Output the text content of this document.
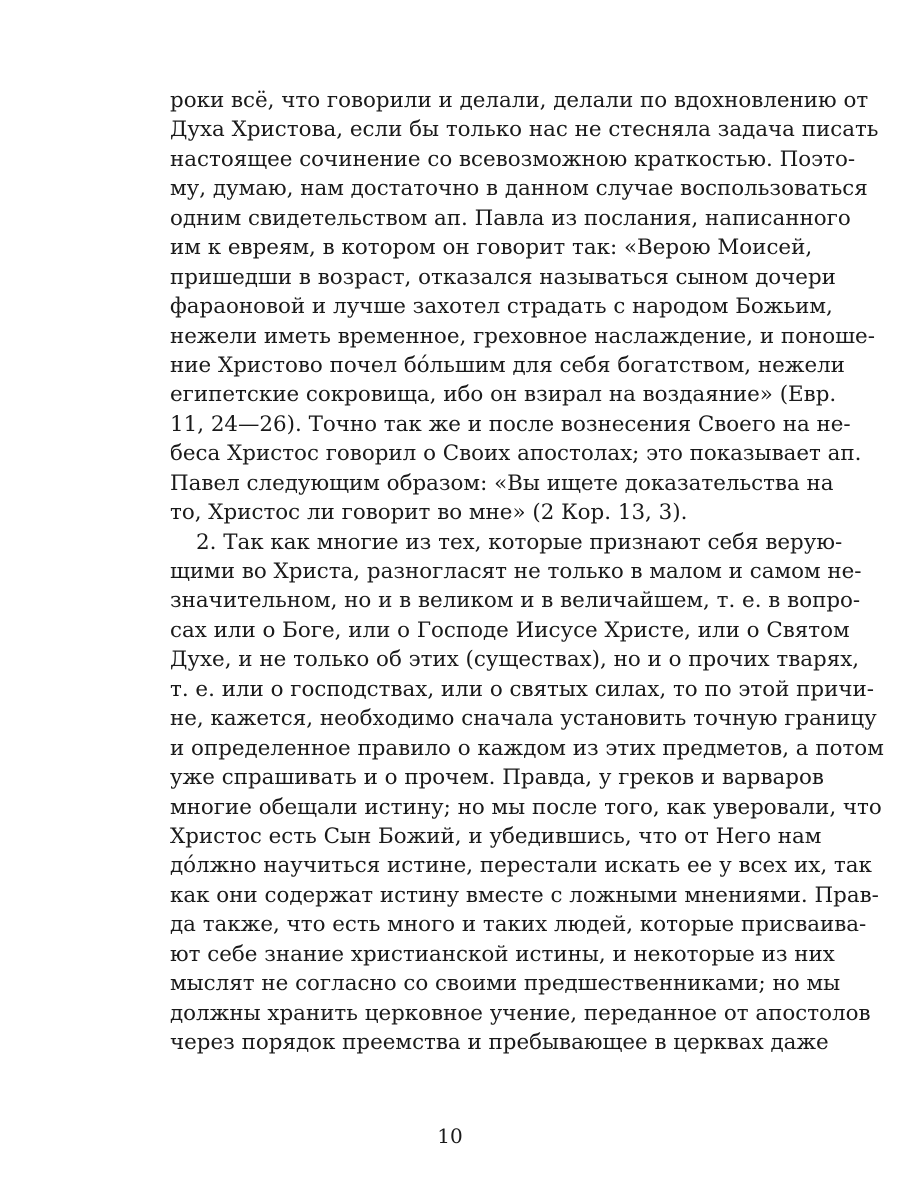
роки всё, что говорили и делали, делали по вдохновлению от
Духа Христова, если бы только нас не стесняла задача писать
настоящее сочинение со всевозможною краткостью. Поэто-
му, думаю, нам достаточно в данном случае воспользоваться
одним свидетельством ап. Павла из послания, написанного
им к евреям, в котором он говорит так: «Верою Моисей,
пришедши в возраст, отказался называться сыном дочери
фараоновой и лучше захотел страдать с народом Божьим,
нежели иметь временное, греховное наслаждение, и поноше-
ние Христово почел бо́льшим для себя богатством, нежели
египетские сокровища, ибо он взирал на воздаяние» (Евр.
11, 24—26). Точно так же и после вознесения Своего на не-
беса Христос говорил о Своих апостолах; это показывает ап.
Павел следующим образом: «Вы ищете доказательства на
то, Христос ли говорит во мне» (2 Кор. 13, 3).
2. Так как многие из тех, которые признают себя верую-
щими во Христа, разногласят не только в малом и самом не-
значительном, но и в великом и в величайшем, т. е. в вопро-
сах или о Боге, или о Господе Иисусе Христе, или о Святом
Духе, и не только об этих (существах), но и о прочих тварях,
т. е. или о господствах, или о святых силах, то по этой причи-
не, кажется, необходимо сначала установить точную границу
и определенное правило о каждом из этих предметов, а потом
уже спрашивать и о прочем. Правда, у греков и варваров
многие обещали истину; но мы после того, как уверовали, что
Христос есть Сын Божий, и убедившись, что от Него нам
до́лжно научиться истине, перестали искать ее у всех их, так
как они содержат истину вместе с ложными мнениями. Прав-
да также, что есть много и таких людей, которые присваива-
ют себе знание христианской истины, и некоторые из них
мыслят не согласно со своими предшественниками; но мы
должны хранить церковное учение, переданное от апостолов
через порядок преемства и пребывающее в церквах даже
10
